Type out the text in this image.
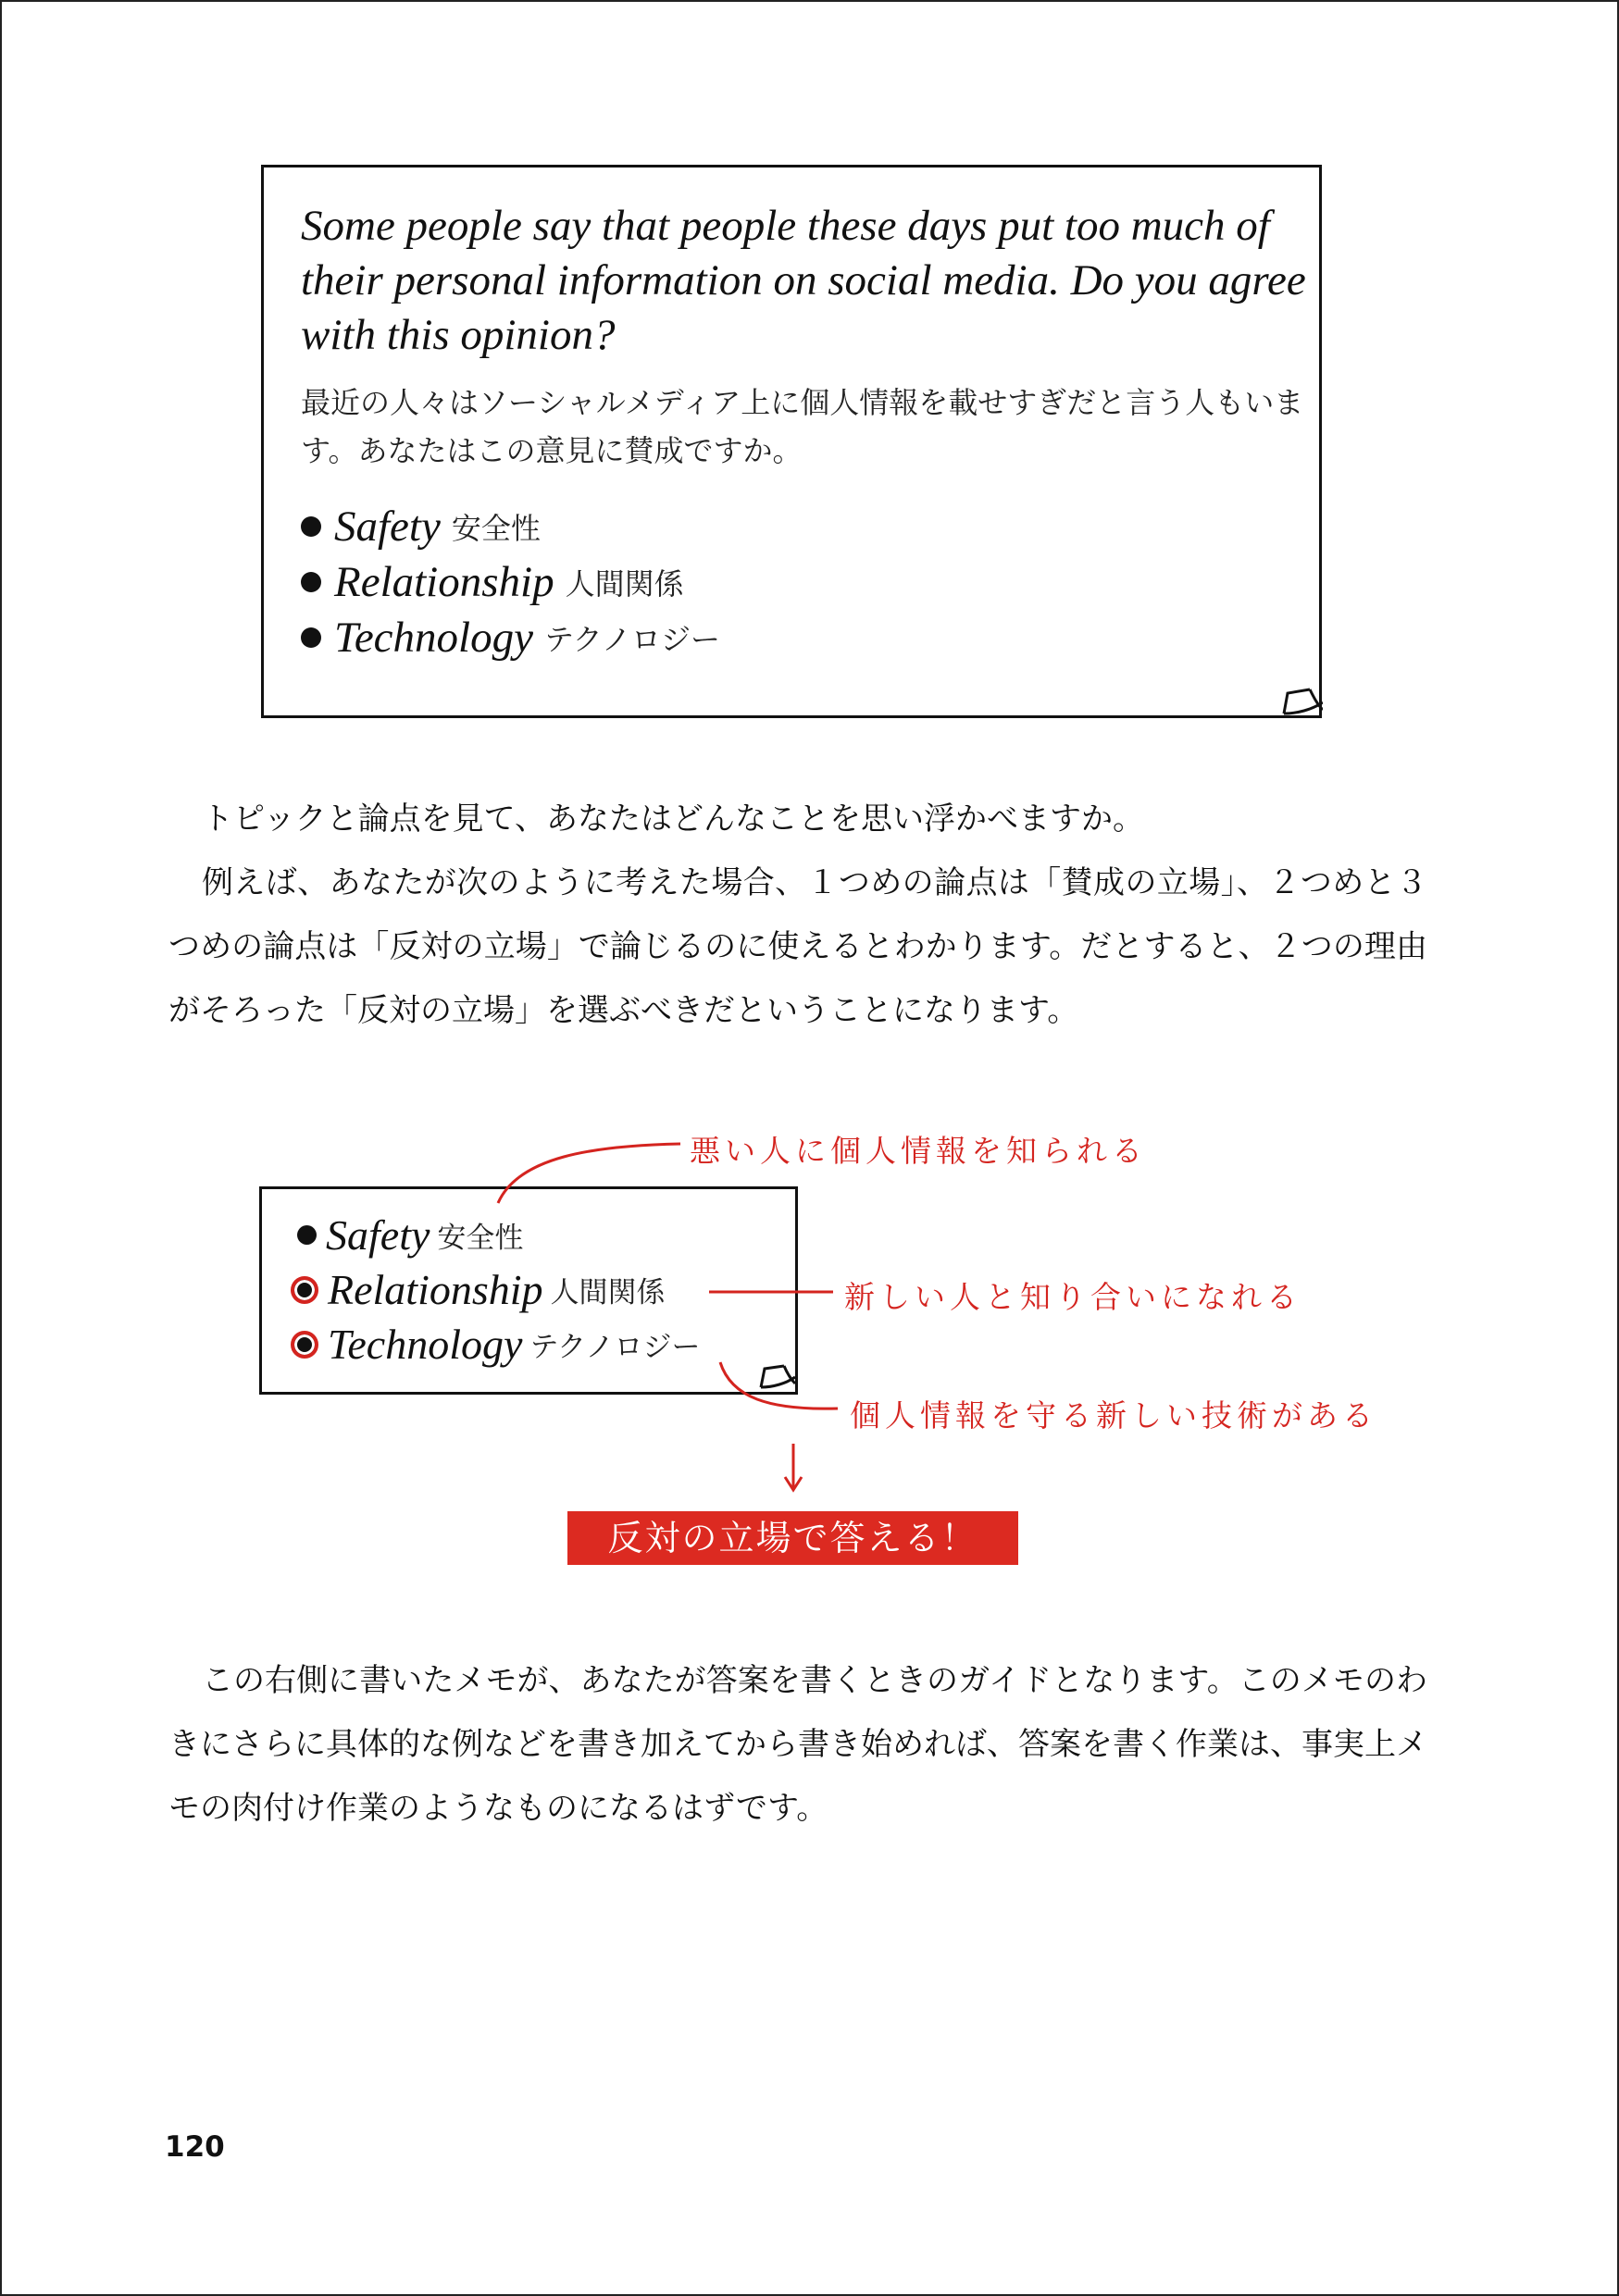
Some people say that people these days put too much of their personal information on social media. Do you agree with this opinion?
最近の人々はソーシャルメディア上に個人情報を載せすぎだと言う人もいます。あなたはこの意見に賛成ですか。
Safety 安全性
Relationship 人間関係
Technology テクノロジー

トピックと論点を見て、あなたはどんなことを思い浮かべますか。

例えば、あなたが次のように考えた場合、１つめの論点は「賛成の立場」、２つめと３つめの論点は「反対の立場」で論じるのに使えるとわかります。だとすると、２つの理由がそろった「反対の立場」を選ぶべきだということになります。

Safety 安全性
Relationship 人間関係
Technology テクノロジー
悪い人に個人情報を知られる
新しい人と知り合いになれる
個人情報を守る新しい技術がある
反対の立場で答える！

この右側に書いたメモが、あなたが答案を書くときのガイドとなります。このメモのわきにさらに具体的な例などを書き加えてから書き始めれば、答案を書く作業は、事実上メモの肉付け作業のようなものになるはずです。

120
